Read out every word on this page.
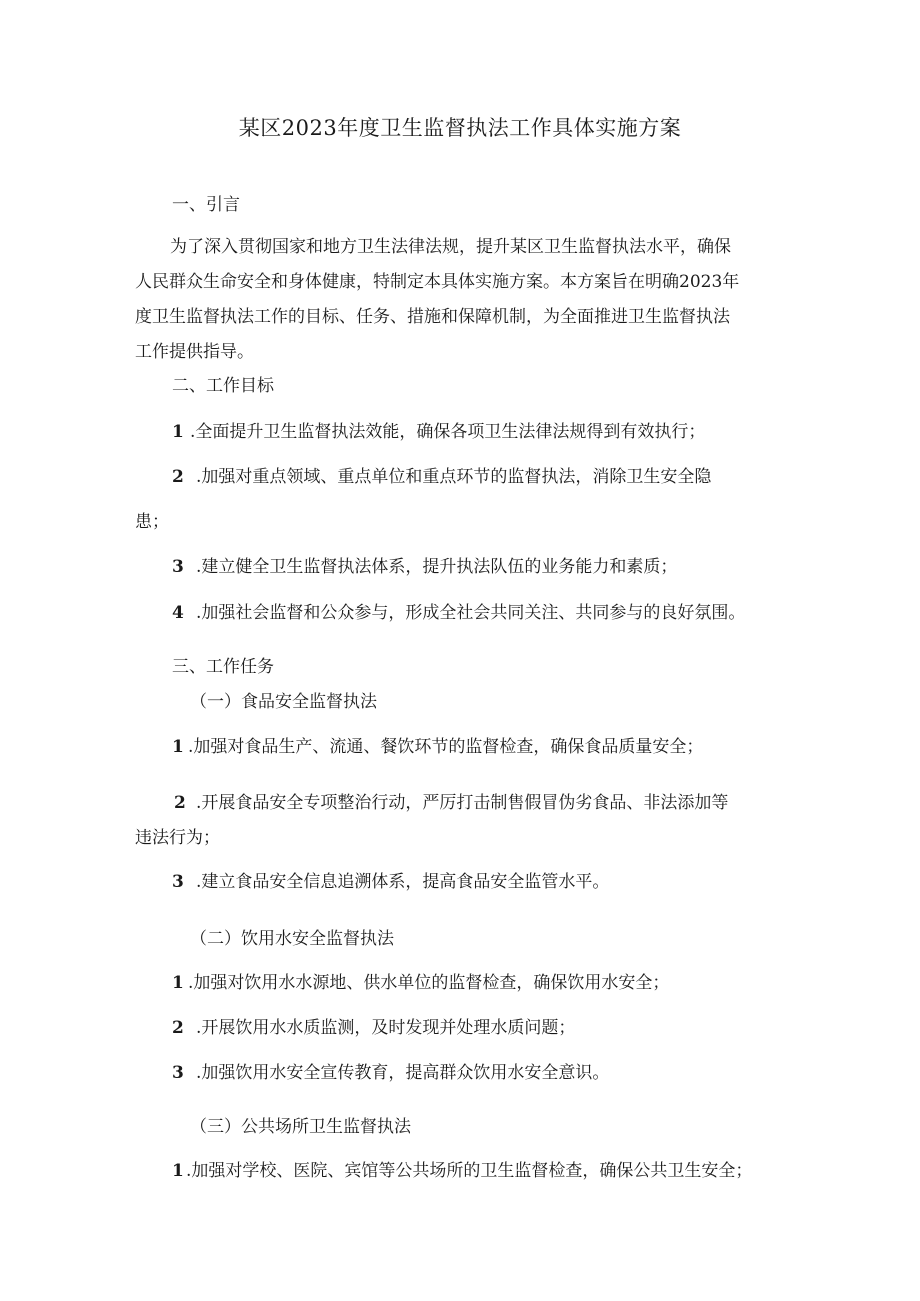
某区2023年度卫生监督执法工作具体实施方案
一、引言

为了深入贯彻国家和地方卫生法律法规，提升某区卫生监督执法水平，确保

人民群众生命安全和身体健康，特制定本具体实施方案。本方案旨在明确2023年

度卫生监督执法工作的目标、任务、措施和保障机制，为全面推进卫生监督执法

工作提供指导。

二、工作目标
1 .全面提升卫生监督执法效能，确保各项卫生法律法规得到有效执行；
2 .加强对重点领域、重点单位和重点环节的监督执法，消除卫生安全隐
患；
3 .建立健全卫生监督执法体系，提升执法队伍的业务能力和素质；
4 .加强社会监督和公众参与，形成全社会共同关注、共同参与的良好氛围。
三、工作任务
（一）食品安全监督执法
1 .加强对食品生产、流通、餐饮环节的监督检查，确保食品质量安全；
2 .开展食品安全专项整治行动，严厉打击制售假冒伪劣食品、非法添加等
违法行为；
3 .建立食品安全信息追溯体系，提高食品安全监管水平。
（二）饮用水安全监督执法
1 .加强对饮用水水源地、供水单位的监督检查，确保饮用水安全；
2 .开展饮用水水质监测，及时发现并处理水质问题；
3 .加强饮用水安全宣传教育，提高群众饮用水安全意识。
（三）公共场所卫生监督执法
1 .加强对学校、医院、宾馆等公共场所的卫生监督检查，确保公共卫生安全；
